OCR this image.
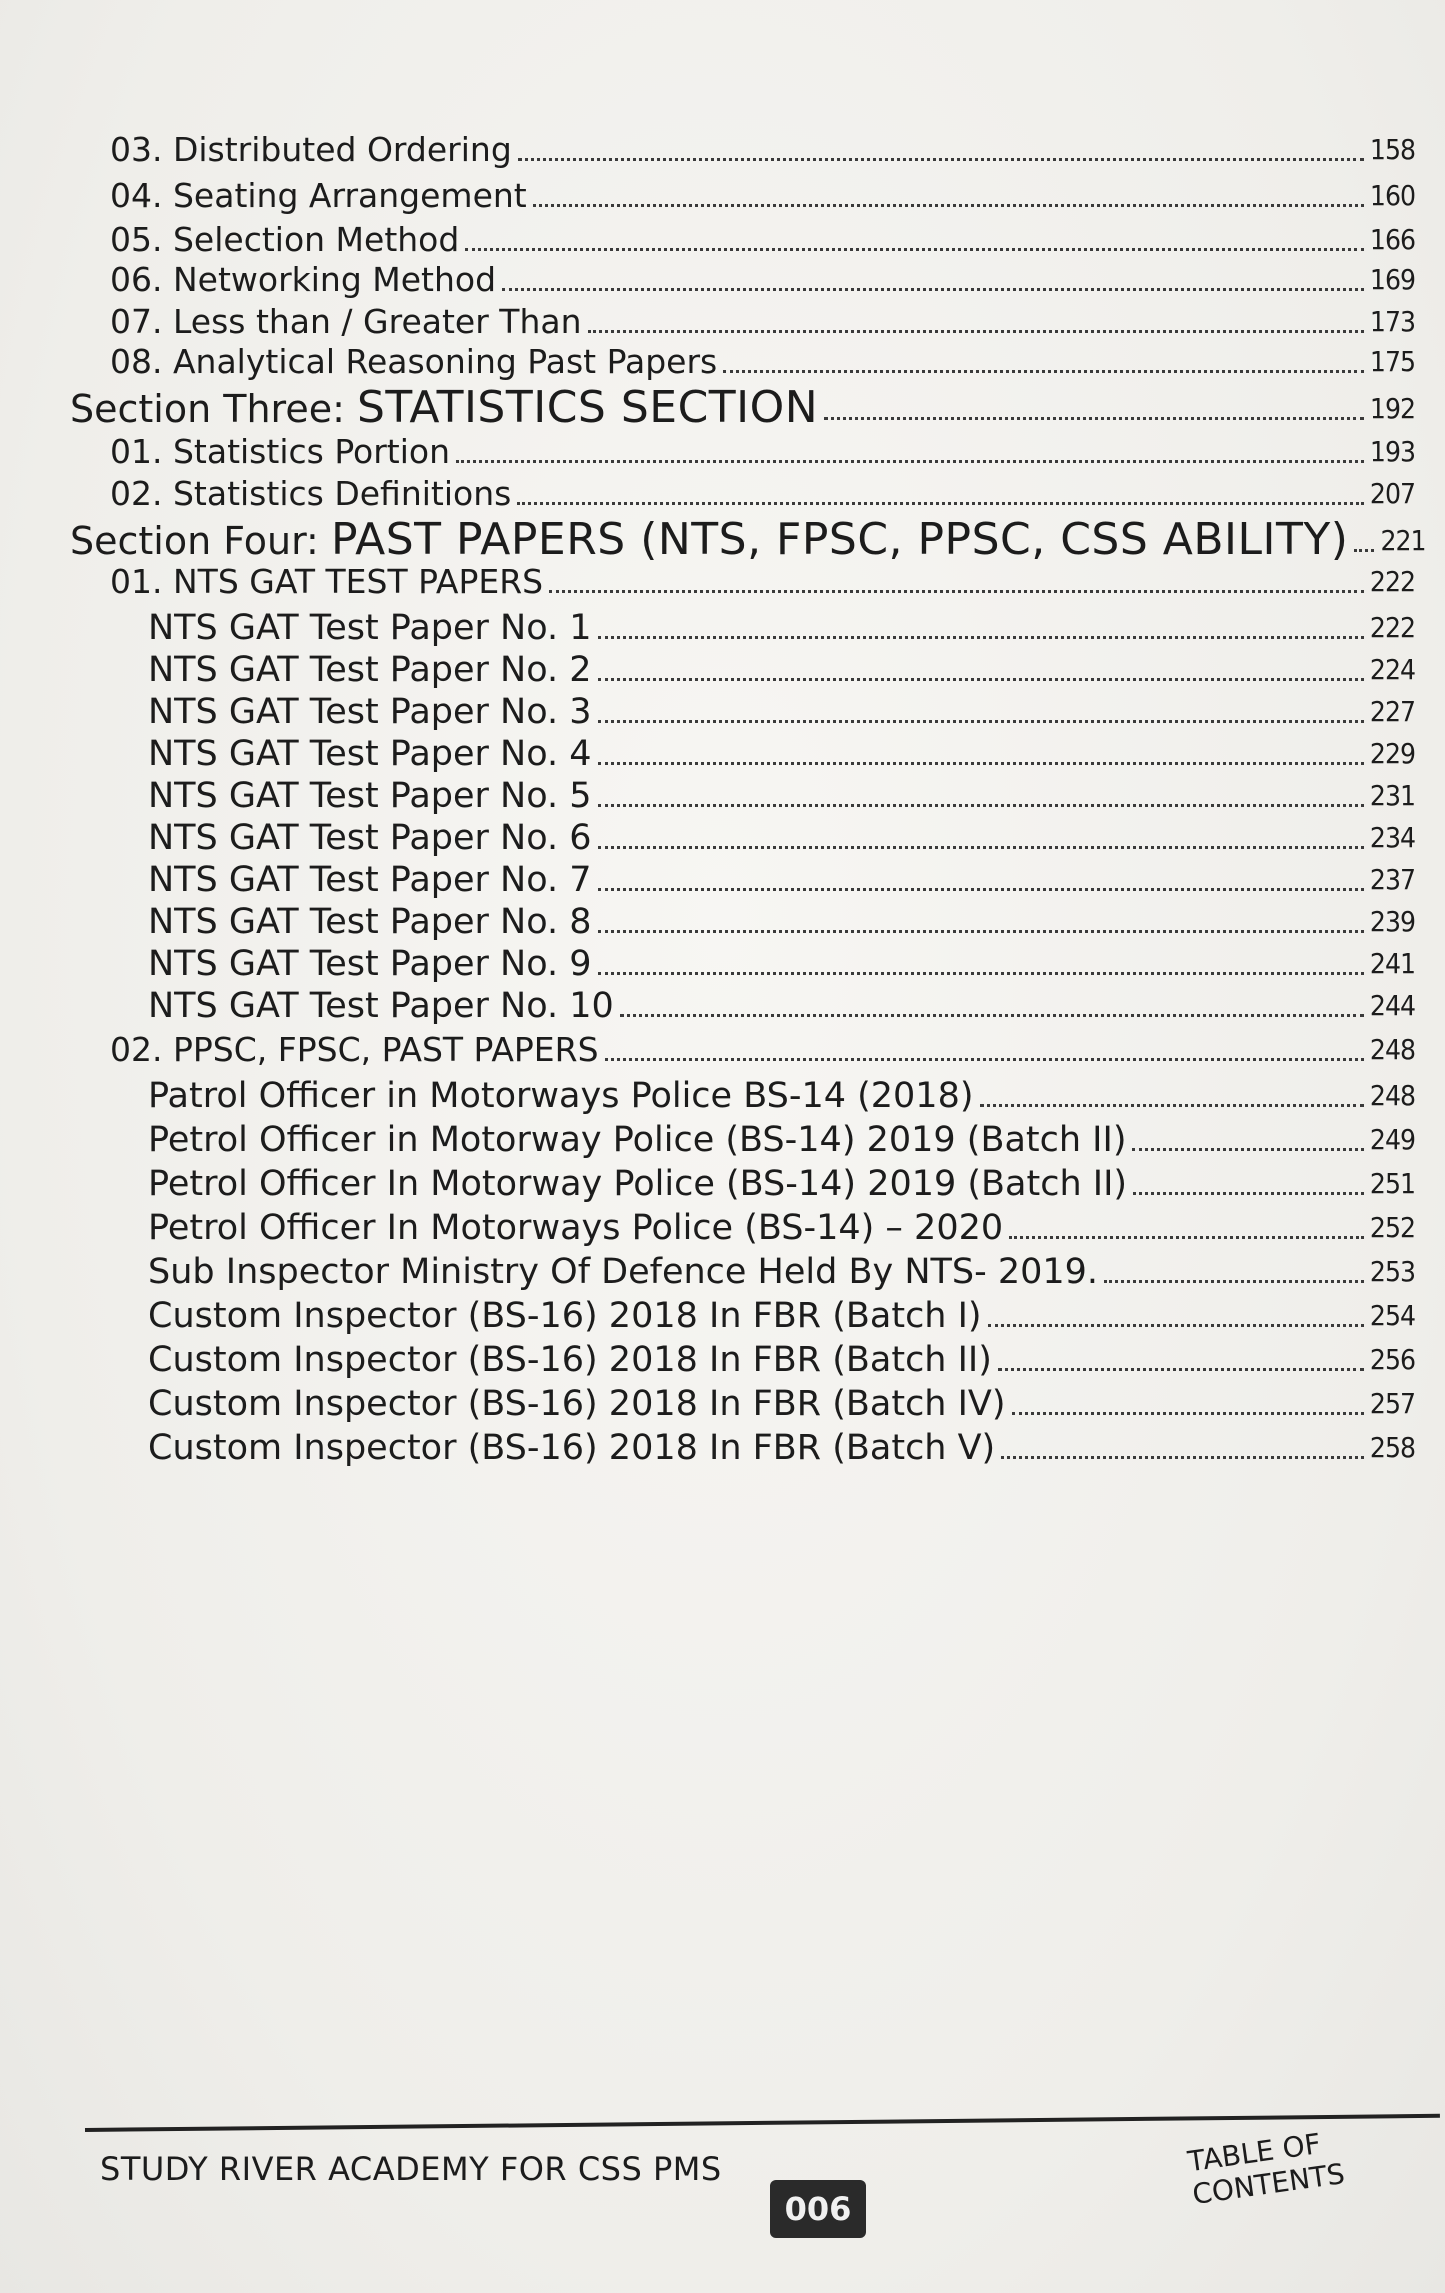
03. Distributed Ordering	158
04. Seating Arrangement	160
05. Selection Method	166
06. Networking Method	169
07. Less than / Greater Than	173
08. Analytical Reasoning Past Papers	175
Section Three: STATISTICS SECTION	192
01. Statistics Portion	193
02. Statistics Definitions	207
Section Four: PAST PAPERS (NTS, FPSC, PPSC, CSS ABILITY) 221
01. NTS GAT TEST PAPERS	222
NTS GAT Test Paper No. 1	222
NTS GAT Test Paper No. 2	224
NTS GAT Test Paper No. 3	227
NTS GAT Test Paper No. 4	229
NTS GAT Test Paper No. 5	231
NTS GAT Test Paper No. 6	234
NTS GAT Test Paper No. 7	237
NTS GAT Test Paper No. 8	239
NTS GAT Test Paper No. 9	241
NTS GAT Test Paper No. 10	244
02. PPSC, FPSC, PAST PAPERS	248
Patrol Officer in Motorways Police BS-14 (2018)	248
Petrol Officer in Motorway Police (BS-14) 2019 (Batch II)	249
Petrol Officer In Motorway Police (BS-14) 2019 (Batch II)	251
Petrol Officer In Motorways Police (BS-14) – 2020	252
Sub Inspector Ministry Of Defence Held By NTS- 2019.	253
Custom Inspector (BS-16) 2018 In FBR (Batch I)	254
Custom Inspector (BS-16) 2018 In FBR (Batch II)	256
Custom Inspector (BS-16) 2018 In FBR (Batch IV)	257
Custom Inspector (BS-16) 2018 In FBR (Batch V)	258
STUDY RIVER ACADEMY FOR CSS PMS
006
TABLE OF CONTENTS
